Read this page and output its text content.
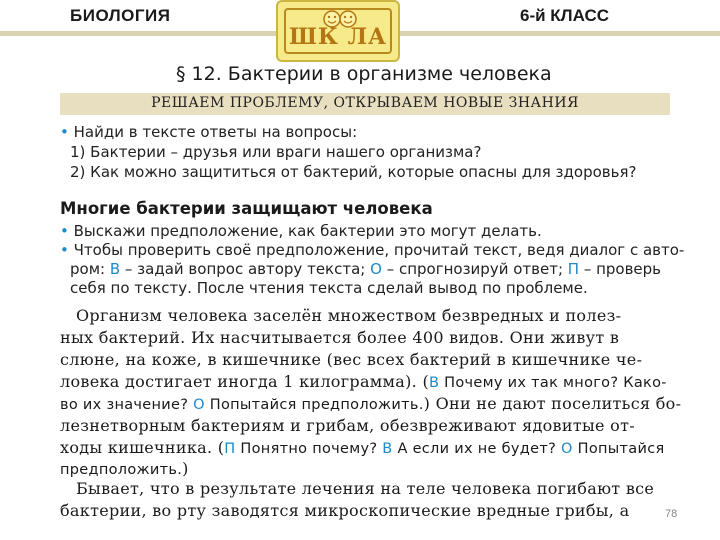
БИОЛОГИЯ	6-й КЛАСС
ШК ЛА
§ 12. Бактерии в организме человека
РЕШАЕМ ПРОБЛЕМУ, ОТКРЫВАЕМ НОВЫЕ ЗНАНИЯ
• Найди в тексте ответы на вопросы:
1) Бактерии – друзья или враги нашего организма?
2) Как можно защититься от бактерий, которые опасны для здоровья?
Многие бактерии защищают человека
• Выскажи предположение, как бактерии это могут делать.
• Чтобы проверить своё предположение, прочитай текст, ведя диалог с авто-
ром: В – задай вопрос автору текста; О – спрогнозируй ответ; П – проверь
себя по тексту. После чтения текста сделай вывод по проблеме.
Организм человека заселён множеством безвредных и полез-
ных бактерий. Их насчитывается более 400 видов. Они живут в
слюне, на коже, в кишечнике (вес всех бактерий в кишечнике че-
ловека достигает иногда 1 килограмма). (В Почему их так много? Како-
во их значение? О Попытайся предположить.) Они не дают поселиться бо-
лезнетворным бактериям и грибам, обезвреживают ядовитые от-
ходы кишечника. (П Понятно почему? В А если их не будет? О Попытайся
предположить.)
Бывает, что в результате лечения на теле человека погибают все
бактерии, во рту заводятся микроскопические вредные грибы, а	78
